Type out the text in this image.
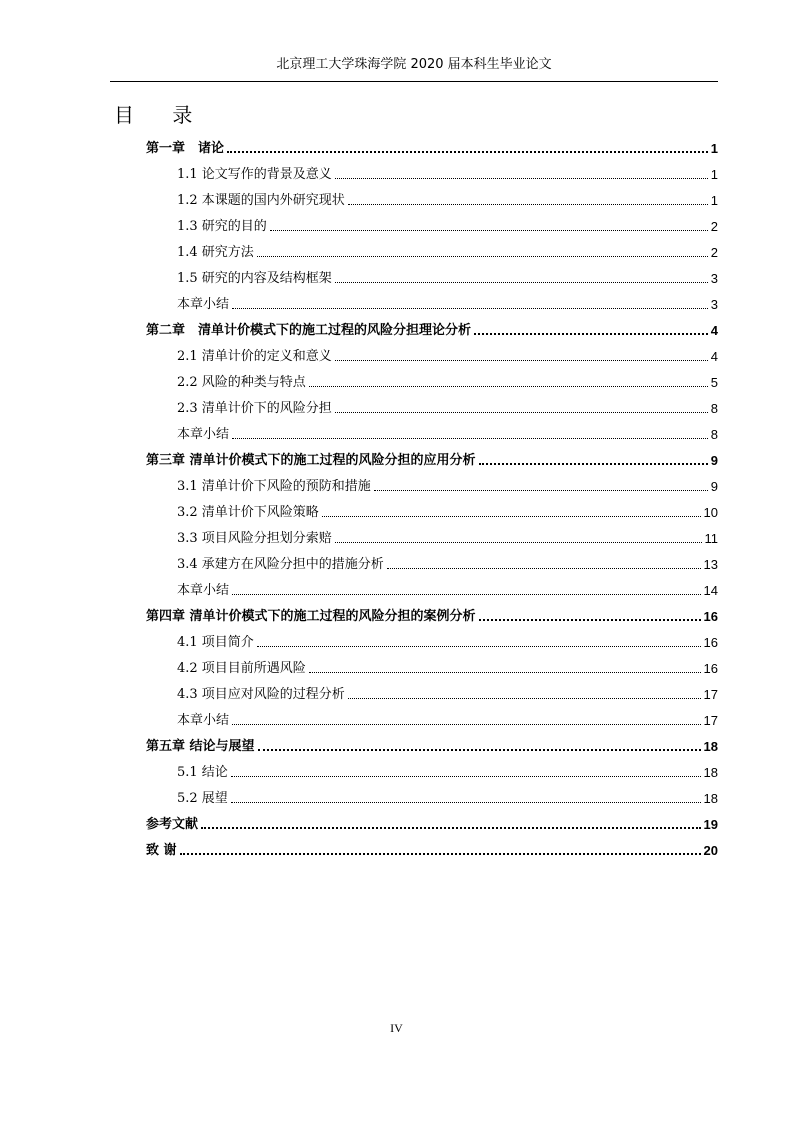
北京理工大学珠海学院 2020 届本科生毕业论文
目 录
第一章　诸论	1
1.1 论文写作的背景及意义	1
1.2 本课题的国内外研究现状	1
1.3 研究的目的	2
1.4 研究方法	2
1.5 研究的内容及结构框架	3
本章小结	3
第二章　清单计价模式下的施工过程的风险分担理论分析	4
2.1 清单计价的定义和意义	4
2.2 风险的种类与特点	5
2.3 清单计价下的风险分担	8
本章小结	8
第三章 清单计价模式下的施工过程的风险分担的应用分析	9
3.1 清单计价下风险的预防和措施	9
3.2 清单计价下风险策略	10
3.3 项目风险分担划分索赔	11
3.4 承建方在风险分担中的措施分析	13
本章小结	14
第四章 清单计价模式下的施工过程的风险分担的案例分析	16
4.1 项目简介	16
4.2 项目目前所遇风险	16
4.3 项目应对风险的过程分析	17
本章小结	17
第五章 结论与展望	18
5.1 结论	18
5.2 展望	18
参考文献	19
致 谢	20
IV
